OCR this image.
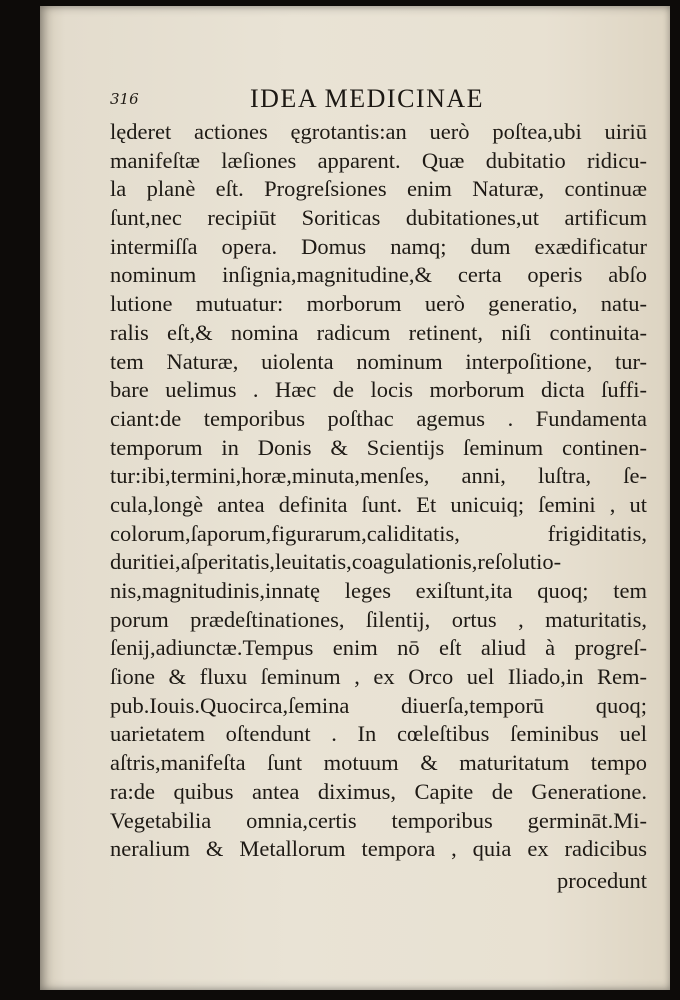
316	IDEA MEDICINAE
lęderet actiones ęgrotantis:an uerò poſtea,ubi uiriū
manifeſtæ læſiones apparent. Quæ dubitatio ridicu-
la planè eſt. Progreſsiones enim Naturæ, continuæ
ſunt,nec recipiūt Soriticas dubitationes,ut artificum
intermiſſa opera. Domus namq; dum exædificatur
nominum inſignia,magnitudine,& certa operis abſo
lutione mutuatur: morborum uerò generatio, natu-
ralis eſt,& nomina radicum retinent, niſi continuita-
tem Naturæ, uiolenta nominum interpoſitione, tur-
bare uelimus . Hæc de locis morborum dicta ſuffi-
ciant:de temporibus poſthac agemus . Fundamenta
temporum in Donis & Scientijs ſeminum continen-
tur:ibi,termini,horæ,minuta,menſes, anni, luſtra, ſe-
cula,longè antea definita ſunt. Et unicuiq; ſemini , ut
colorum,ſaporum,figurarum,caliditatis, frigiditatis,
duritiei,aſperitatis,leuitatis,coagulationis,reſolutio-
nis,magnitudinis,innatę leges exiſtunt,ita quoq; tem
porum prædeſtinationes, ſilentij, ortus , maturitatis,
ſenij,adiunctæ.Tempus enim nō eſt aliud à progreſ-
ſione & fluxu ſeminum , ex Orco uel Iliado,in Rem-
pub.Iouis.Quocirca,ſemina diuerſa,temporū quoq;
uarietatem oſtendunt . In cœleſtibus ſeminibus uel
aſtris,manifeſta ſunt motuum & maturitatum tempo
ra:de quibus antea diximus, Capite de Generatione.
Vegetabilia omnia,certis temporibus germināt.Mi-
neralium & Metallorum tempora , quia ex radicibus
procedunt
